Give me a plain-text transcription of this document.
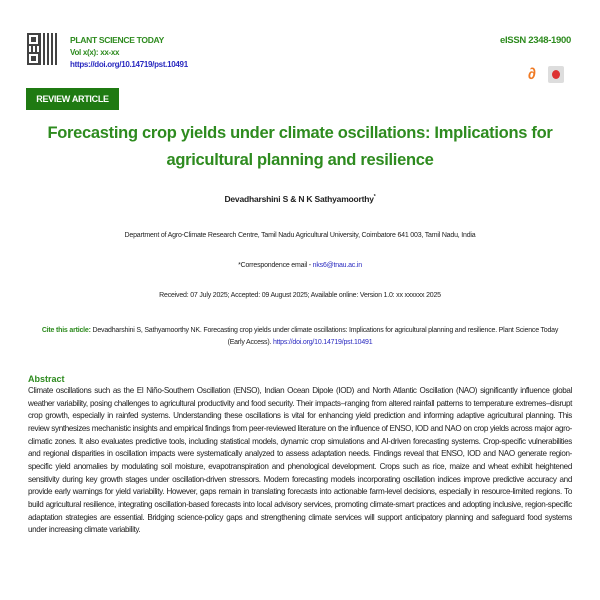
PLANT SCIENCE TODAY
Vol x(x): xx-xx
https://doi.org/10.14719/pst.10491
eISSN 2348-1900
∂
REVIEW ARTICLE
Forecasting crop yields under climate oscillations: Implications for agricultural planning and resilience
Devadharshini S & N K Sathyamoorthy*
Department of Agro-Climate Research Centre, Tamil Nadu Agricultural University, Coimbatore 641 003, Tamil Nadu, India
*Correspondence email - nks6@tnau.ac.in
Received: 07 July 2025; Accepted: 09 August 2025; Available online: Version 1.0: xx xxxxxx 2025
Cite this article: Devadharshini S, Sathyamoorthy NK. Forecasting crop yields under climate oscillations: Implications for agricultural planning and resilience. Plant Science Today (Early Access). https://doi.org/10.14719/pst.10491
Abstract

Climate oscillations such as the El Niño-Southern Oscillation (ENSO), Indian Ocean Dipole (IOD) and North Atlantic Oscillation (NAO) significantly influence global weather variability, posing challenges to agricultural productivity and food security. Their impacts–ranging from altered rainfall patterns to temperature extremes–disrupt crop growth, especially in rainfed systems. Understanding these oscillations is vital for enhancing yield prediction and informing adaptive agricultural planning. This review synthesizes mechanistic insights and empirical findings from peer-reviewed literature on the influence of ENSO, IOD and NAO on crop yields across major agro-climatic zones. It also evaluates predictive tools, including statistical models, dynamic crop simulations and AI-driven forecasting systems. Crop-specific vulnerabilities and regional disparities in oscillation impacts were systematically analyzed to assess adaptation needs. Findings reveal that ENSO, IOD and NAO generate region-specific yield anomalies by modulating soil moisture, evapotranspiration and phenological development. Crops such as rice, maize and wheat exhibit heightened sensitivity during key growth stages under oscillation-driven stressors. Modern forecasting models incorporating oscillation indices improve predictive accuracy and provide early warnings for yield variability. However, gaps remain in translating forecasts into actionable farm-level decisions, especially in resource-limited regions. To build agricultural resilience, integrating oscillation-based forecasts into local advisory services, promoting climate-smart practices and adopting inclusive, region-specific adaptation strategies are essential. Bridging science-policy gaps and strengthening climate services will support anticipatory planning and safeguard food systems under increasing climate variability.
